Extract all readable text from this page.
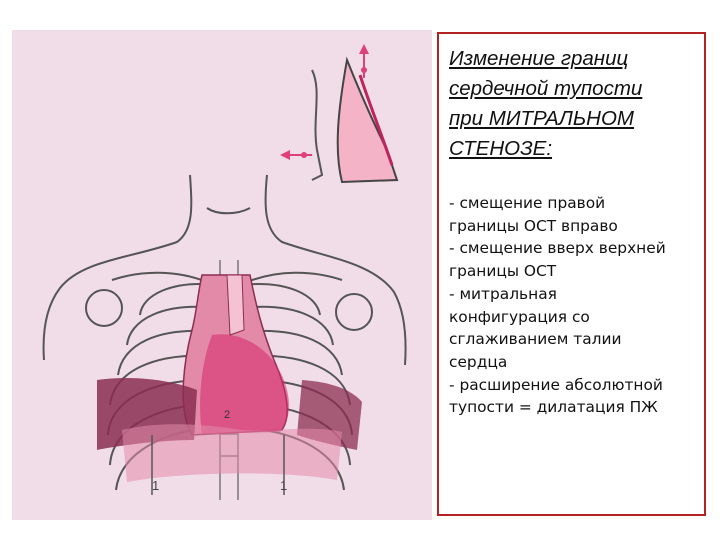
1	1
2
Изменение границ
сердечной тупости
при МИТРАЛЬНОМ
СТЕНОЗЕ:
- смещение правой
границы ОСТ вправо
- смещение вверх верхней
границы ОСТ
- митральная
конфигурация со
сглаживанием талии
сердца
- расширение абсолютной
тупости = дилатация ПЖ
